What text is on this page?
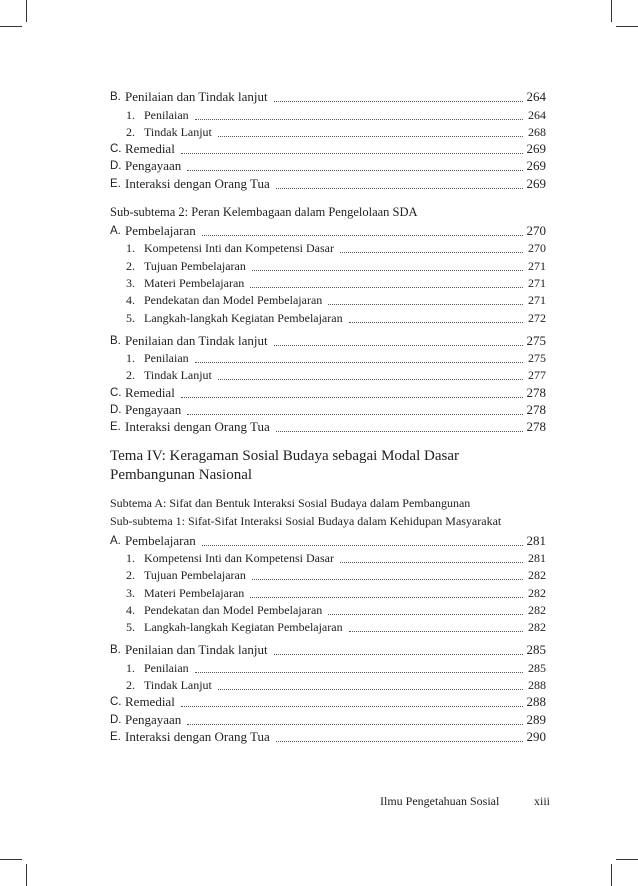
B. Penilaian dan Tindak lanjut	264
1. Penilaian	264
2. Tindak Lanjut	268
C. Remedial	269
D. Pengayaan	269
E. Interaksi dengan Orang Tua	269
Sub-subtema 2: Peran Kelembagaan dalam Pengelolaan SDA
A. Pembelajaran	270
1. Kompetensi Inti dan Kompetensi Dasar	270
2. Tujuan Pembelajaran	271
3. Materi Pembelajaran	271
4. Pendekatan dan Model Pembelajaran	271
5. Langkah-langkah Kegiatan Pembelajaran	272
B. Penilaian dan Tindak lanjut	275
1. Penilaian	275
2. Tindak Lanjut	277
C. Remedial	278
D. Pengayaan	278
E. Interaksi dengan Orang Tua	278
Tema IV: Keragaman Sosial Budaya sebagai Modal Dasar Pembangunan Nasional
Subtema A: Sifat dan Bentuk Interaksi Sosial Budaya dalam Pembangunan
Sub-subtema 1: Sifat-Sifat Interaksi Sosial Budaya dalam Kehidupan Masyarakat
A. Pembelajaran	281
1. Kompetensi Inti dan Kompetensi Dasar	281
2. Tujuan Pembelajaran	282
3. Materi Pembelajaran	282
4. Pendekatan dan Model Pembelajaran	282
5. Langkah-langkah Kegiatan Pembelajaran	282
B. Penilaian dan Tindak lanjut	285
1. Penilaian	285
2. Tindak Lanjut	288
C. Remedial	288
D. Pengayaan	289
E. Interaksi dengan Orang Tua	290
Ilmu Pengetahuan Sosial	xiii
